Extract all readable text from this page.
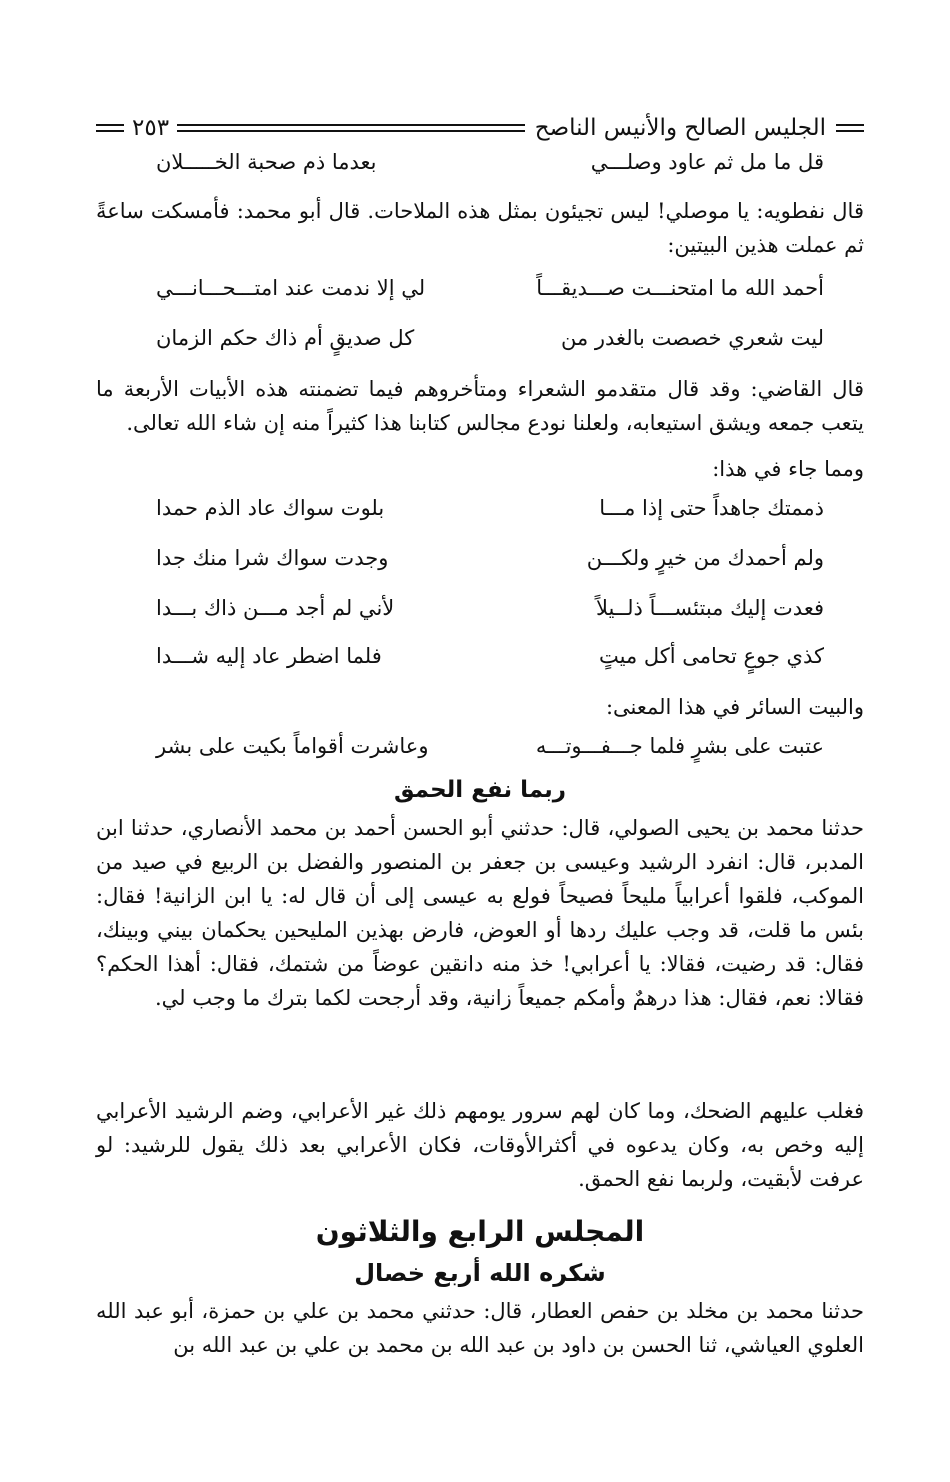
الجليس الصالح والأنيس الناصح
٢٥٣
قل ما مل ثم عاود وصلـــي
بعدما ذم صحبة الخـــــلان
قال نفطويه: يا موصلي! ليس تجيئون بمثل هذه الملاحات. قال أبو محمد: فأمسكت ساعةً ثم عملت هذين البيتين:
أحمد الله ما امتحنـــت صـــديقـــاً
لي إلا ندمت عند امتـــحـــانـــي
ليت شعري خصصت بالغدر من
كل صديقٍ أم ذاك حكم الزمان
قال القاضي: وقد قال متقدمو الشعراء ومتأخروهم فيما تضمنته هذه الأبيات الأربعة ما يتعب جمعه ويشق استيعابه، ولعلنا نودع مجالس كتابنا هذا كثيراً منه إن شاء الله تعالى.
ومما جاء في هذا:
ذممتك جاهداً حتى إذا مـــا
بلوت سواك عاد الذم حمدا
ولم أحمدك من خيرٍ ولكـــن
وجدت سواك شرا منك جدا
فعدت إليك مبتئســـاً ذلــيلاً
لأني لم أجد مـــن ذاك بـــدا
كذي جوعٍ تحامى أكل ميتٍ
فلما اضطر عاد إليه شـــدا
والبيت السائر في هذا المعنى:
عتبت على بشرٍ فلما جـــفـــوتـــه
وعاشرت أقواماً بكيت على بشر
ربما نفع الحمق
حدثنا محمد بن يحيى الصولي، قال: حدثني أبو الحسن أحمد بن محمد الأنصاري، حدثنا ابن المدبر، قال: انفرد الرشيد وعيسى بن جعفر بن المنصور والفضل بن الربيع في صيد من الموكب، فلقوا أعرابياً مليحاً فصيحاً فولع به عيسى إلى أن قال له: يا ابن الزانية! فقال: بئس ما قلت، قد وجب عليك ردها أو العوض، فارض بهذين المليحين يحكمان بيني وبينك، فقال: قد رضيت، فقالا: يا أعرابي! خذ منه دانقين عوضاً من شتمك، فقال: أهذا الحكم؟ فقالا: نعم، فقال: هذا درهمٌ وأمكم جميعاً زانية، وقد أرجحت لكما بترك ما وجب لي.
فغلب عليهم الضحك، وما كان لهم سرور يومهم ذلك غير الأعرابي، وضم الرشيد الأعرابي إليه وخص به، وكان يدعوه في أكثرالأوقات، فكان الأعرابي بعد ذلك يقول للرشيد: لو عرفت لأبقيت، ولربما نفع الحمق.
المجلس الرابع والثلاثون
شكره الله أربع خصال
حدثنا محمد بن مخلد بن حفص العطار، قال: حدثني محمد بن علي بن حمزة، أبو عبد الله العلوي العياشي، ثنا الحسن بن داود بن عبد الله بن محمد بن علي بن عبد الله بن
